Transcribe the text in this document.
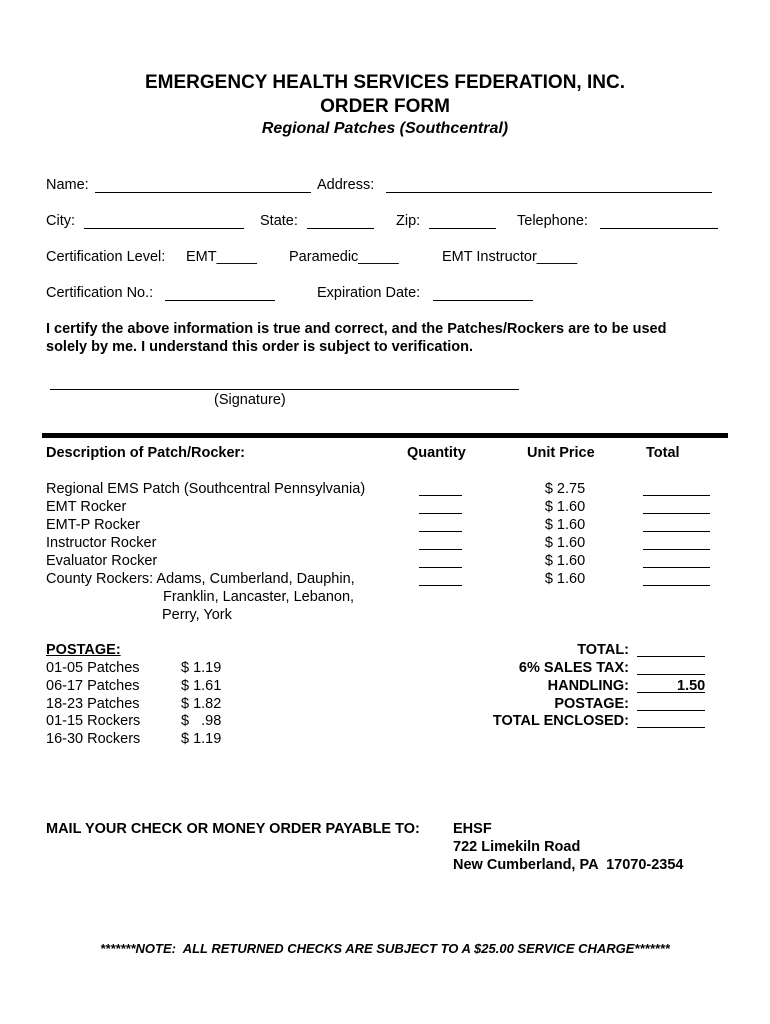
EMERGENCY HEALTH SERVICES FEDERATION, INC.
ORDER FORM
Regional Patches (Southcentral)
Name:	Address:
City:	State:	Zip:	Telephone:
Certification Level: EMT_____ Paramedic_____	EMT Instructor_____
Certification No.:	Expiration Date:
I certify the above information is true and correct, and the Patches/Rockers are to be used
solely by me. I understand this order is subject to verification.
(Signature)
Description of Patch/Rocker:	Quantity	Unit Price	Total
Regional EMS Patch (Southcentral Pennsylvania)	$ 2.75
EMT Rocker	$ 1.60
EMT-P Rocker	$ 1.60
Instructor Rocker	$ 1.60
Evaluator Rocker	$ 1.60
County Rockers: Adams, Cumberland, Dauphin,	$ 1.60
Franklin, Lancaster, Lebanon,
Perry, York
POSTAGE:
01-05 Patches	$ 1.19
06-17 Patches	$ 1.61
18-23 Patches	$ 1.82
01-15 Rockers	$   .98
16-30 Rockers	$ 1.19
TOTAL:
6% SALES TAX:
HANDLING:	1.50
POSTAGE:
TOTAL ENCLOSED:
MAIL YOUR CHECK OR MONEY ORDER PAYABLE TO: EHSF
722 Limekiln Road
New Cumberland, PA  17070-2354
*******NOTE:  ALL RETURNED CHECKS ARE SUBJECT TO A $25.00 SERVICE CHARGE*******
